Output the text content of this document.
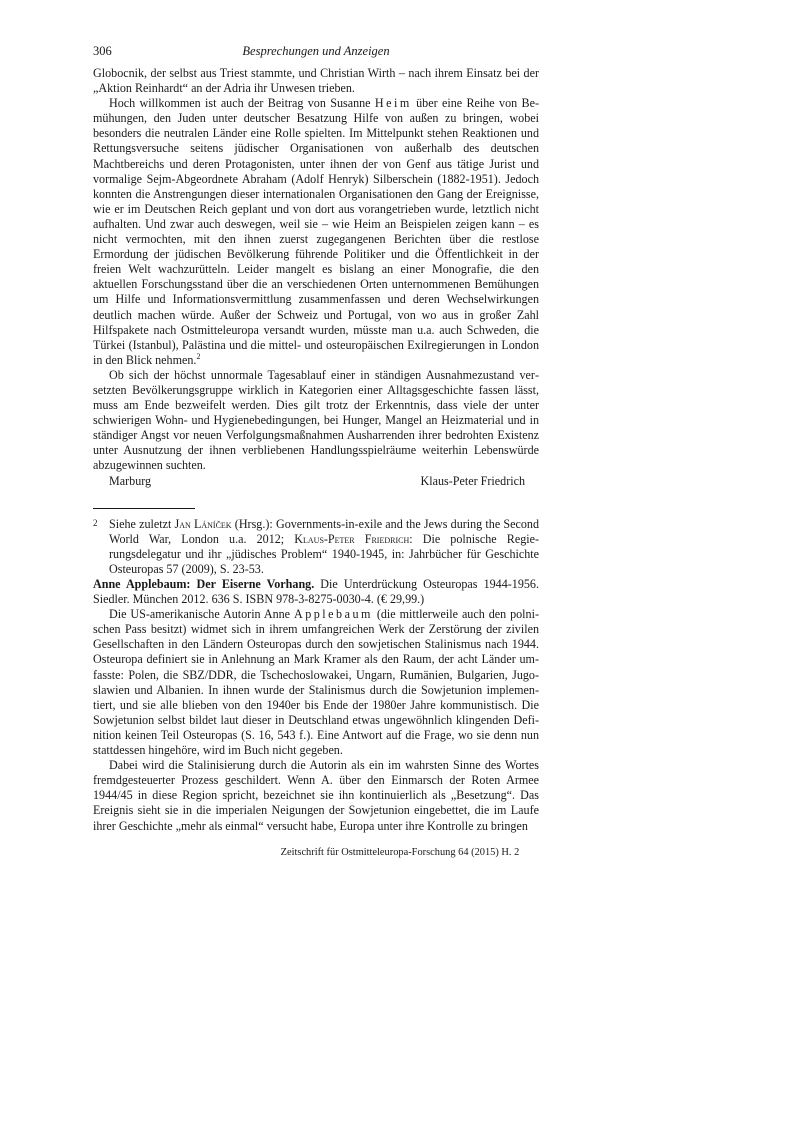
306	Besprechungen und Anzeigen

Globocnik, der selbst aus Triest stammte, und Christian Wirth – nach ihrem Einsatz bei der „Aktion Reinhardt“ an der Adria ihr Unwesen trieben.

Hoch willkommen ist auch der Beitrag von Susanne Heim über eine Reihe von Bemühungen, den Juden unter deutscher Besatzung Hilfe von außen zu bringen, wobei besonders die neutralen Länder eine Rolle spielten. Im Mittelpunkt stehen Reaktionen und Rettungsversuche seitens jüdischer Organisationen von außerhalb des deutschen Machtbereichs und deren Protagonisten, unter ihnen der von Genf aus tätige Jurist und vormalige Sejm-Abgeordnete Abraham (Adolf Henryk) Silberschein (1882-1951). Jedoch konnten die Anstrengungen dieser internationalen Organisationen den Gang der Ereignisse, wie er im Deutschen Reich geplant und von dort aus vorangetrieben wurde, letztlich nicht aufhalten. Und zwar auch deswegen, weil sie – wie Heim an Beispielen zeigen kann – es nicht vermochten, mit den ihnen zuerst zugegangenen Berichten über die restlose Ermordung der jüdischen Bevölkerung führende Politiker und die Öffentlichkeit in der freien Welt wachzurütteln. Leider mangelt es bislang an einer Monografie, die den aktuellen Forschungsstand über die an verschiedenen Orten unternommenen Bemühungen um Hilfe und Informationsvermittlung zusammenfassen und deren Wechselwirkungen deutlich machen würde. Außer der Schweiz und Portugal, von wo aus in großer Zahl Hilfspakete nach Ostmitteleuropa versandt wurden, müsste man u.a. auch Schweden, die Türkei (Istanbul), Palästina und die mittel- und osteuropäischen Exilregierungen in London in den Blick nehmen.$^2$

Ob sich der höchst unnormale Tagesablauf einer in ständigen Ausnahmezustand versetzten Bevölkerungsgruppe wirklich in Kategorien einer Alltagsgeschichte fassen lässt, muss am Ende bezweifelt werden. Dies gilt trotz der Erkenntnis, dass viele der unter schwierigen Wohn- und Hygienebedingungen, bei Hunger, Mangel an Heizmaterial und in ständiger Angst vor neuen Verfolgungsmaßnahmen Ausharrenden ihrer bedrohten Existenz unter Ausnutzung der ihnen verbliebenen Handlungsspielräume weiterhin Lebenswürde abzugewinnen suchten.

Marburg	Klaus-Peter Friedrich
2 Siehe zuletzt Jan Láníček (Hrsg.): Governments-in-exile and the Jews during the Second World War, London u.a. 2012; Klaus-Peter Friedrich: Die polnische Regierungsdelegatur und ihr „jüdisches Problem“ 1940-1945, in: Jahrbücher für Geschichte Osteuropas 57 (2009), S. 23-53.

Anne Applebaum: Der Eiserne Vorhang. Die Unterdrückung Osteuropas 1944-1956. Siedler. München 2012. 636 S. ISBN 978-3-8275-0030-4. (€ 29,99.)

Die US-amerikanische Autorin Anne Applebaum (die mittlerweile auch den polnischen Pass besitzt) widmet sich in ihrem umfangreichen Werk der Zerstörung der zivilen Gesellschaften in den Ländern Osteuropas durch den sowjetischen Stalinismus nach 1944. Osteuropa definiert sie in Anlehnung an Mark Kramer als den Raum, der acht Länder umfasste: Polen, die SBZ/DDR, die Tschechoslowakei, Ungarn, Rumänien, Bulgarien, Jugoslawien und Albanien. In ihnen wurde der Stalinismus durch die Sowjetunion implementiert, und sie alle blieben von den 1940er bis Ende der 1980er Jahre kommunistisch. Die Sowjetunion selbst bildet laut dieser in Deutschland etwas ungewöhnlich klingenden Definition keinen Teil Osteuropas (S. 16, 543 f.). Eine Antwort auf die Frage, wo sie denn nun stattdessen hingehöre, wird im Buch nicht gegeben.

Dabei wird die Stalinisierung durch die Autorin als ein im wahrsten Sinne des Wortes fremdgesteuerter Prozess geschildert. Wenn A. über den Einmarsch der Roten Armee 1944/45 in diese Region spricht, bezeichnet sie ihn kontinuierlich als „Besetzung“. Das Ereignis sieht sie in die imperialen Neigungen der Sowjetunion eingebettet, die im Laufe ihrer Geschichte „mehr als einmal“ versucht habe, Europa unter ihre Kontrolle zu bringen

Zeitschrift für Ostmitteleuropa-Forschung 64 (2015) H. 2
